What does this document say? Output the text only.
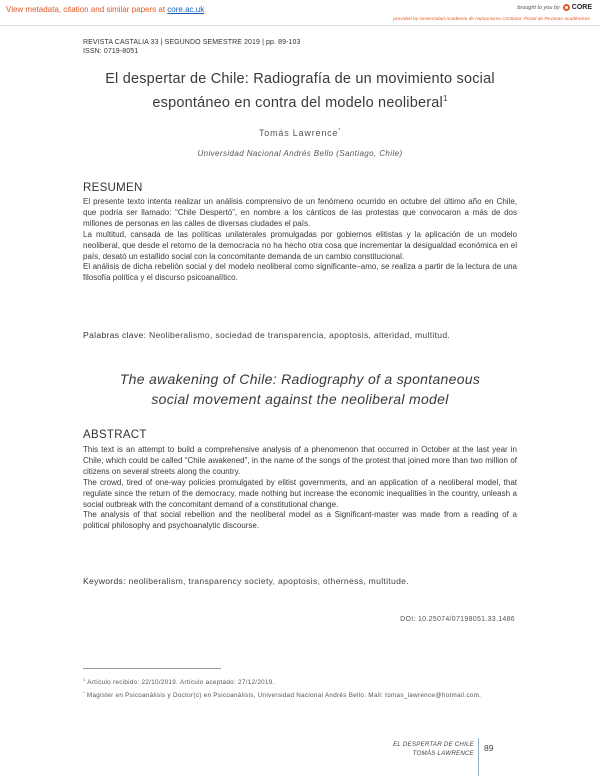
View metadata, citation and similar papers at core.ac.uk	brought to you by CORE
provided by Universidad Academia de Humanismo Cristiano: Portal de Revistas Académicas
REVISTA CASTALIA 33 | SEGUNDO SEMESTRE 2019 | pp. 89-103
ISSN: 0719-8051
El despertar de Chile: Radiografía de un movimiento social
espontáneo en contra del modelo neoliberal$^1$
Tomás Lawrence*
Universidad Nacional Andrés Bello (Santiago, Chile)
RESUMEN

El presente texto intenta realizar un análisis comprensivo de un fenómeno ocurrido en octubre del último año en Chile, que podría ser llamado: “Chile Despertó”, en nombre a los cánticos de las protestas que convocaron a más de dos millones de personas en las calles de diversas ciudades el país.

La multitud, cansada de las políticas unilaterales promulgadas por gobiernos elitistas y la aplicación de un modelo neoliberal, que desde el retorno de la democracia no ha hecho otra cosa que incrementar la desigualdad económica en el país, desató un estallido social con la concomitante demanda de un cambio constitucional.

El análisis de dicha rebelión social y del modelo neoliberal como significante–amo, se realiza a partir de la lectura de una filosofía política y el discurso psicoanalítico.

Palabras clave: Neoliberalismo, sociedad de transparencia, apoptosis, alteridad, multitud.
The awakening of Chile: Radiography of a spontaneous
social movement against the neoliberal model
ABSTRACT

This text is an attempt to build a comprehensive analysis of a phenomenon that occurred in October at the last year in Chile, which could be called “Chile awakened”, in the name of the songs of the protest that joined more than two million of citizens on several streets along the country.

The crowd, tired of one-way policies promulgated by elitist governments, and an application of a neoliberal model, that regulate since the return of the democracy, made nothing but increase the economic inequalities in the country, unleash a social outbreak with the concomitant demand of a constitutional change.

The analysis of that social rebellion and the neoliberal model as a Significant-master was made from a reading of a political philosophy and psychoanalytic discourse.

Keywords: neoliberalism, transparency society, apoptosis, otherness, multitude.
DOI: 10.25074/07198051.33.1486

$^1$ Artículo recibido: 22/10/2019. Artículo aceptado: 27/12/2019.

* Magister en Psicoanálisis y Doctor(c) en Psicoanálisis, Universidad Nacional Andrés Bello. Mail: tomas_lawrence@hotmail.com.

EL DESPERTAR DE CHILE
TOMÁS LAWRENCE
89
